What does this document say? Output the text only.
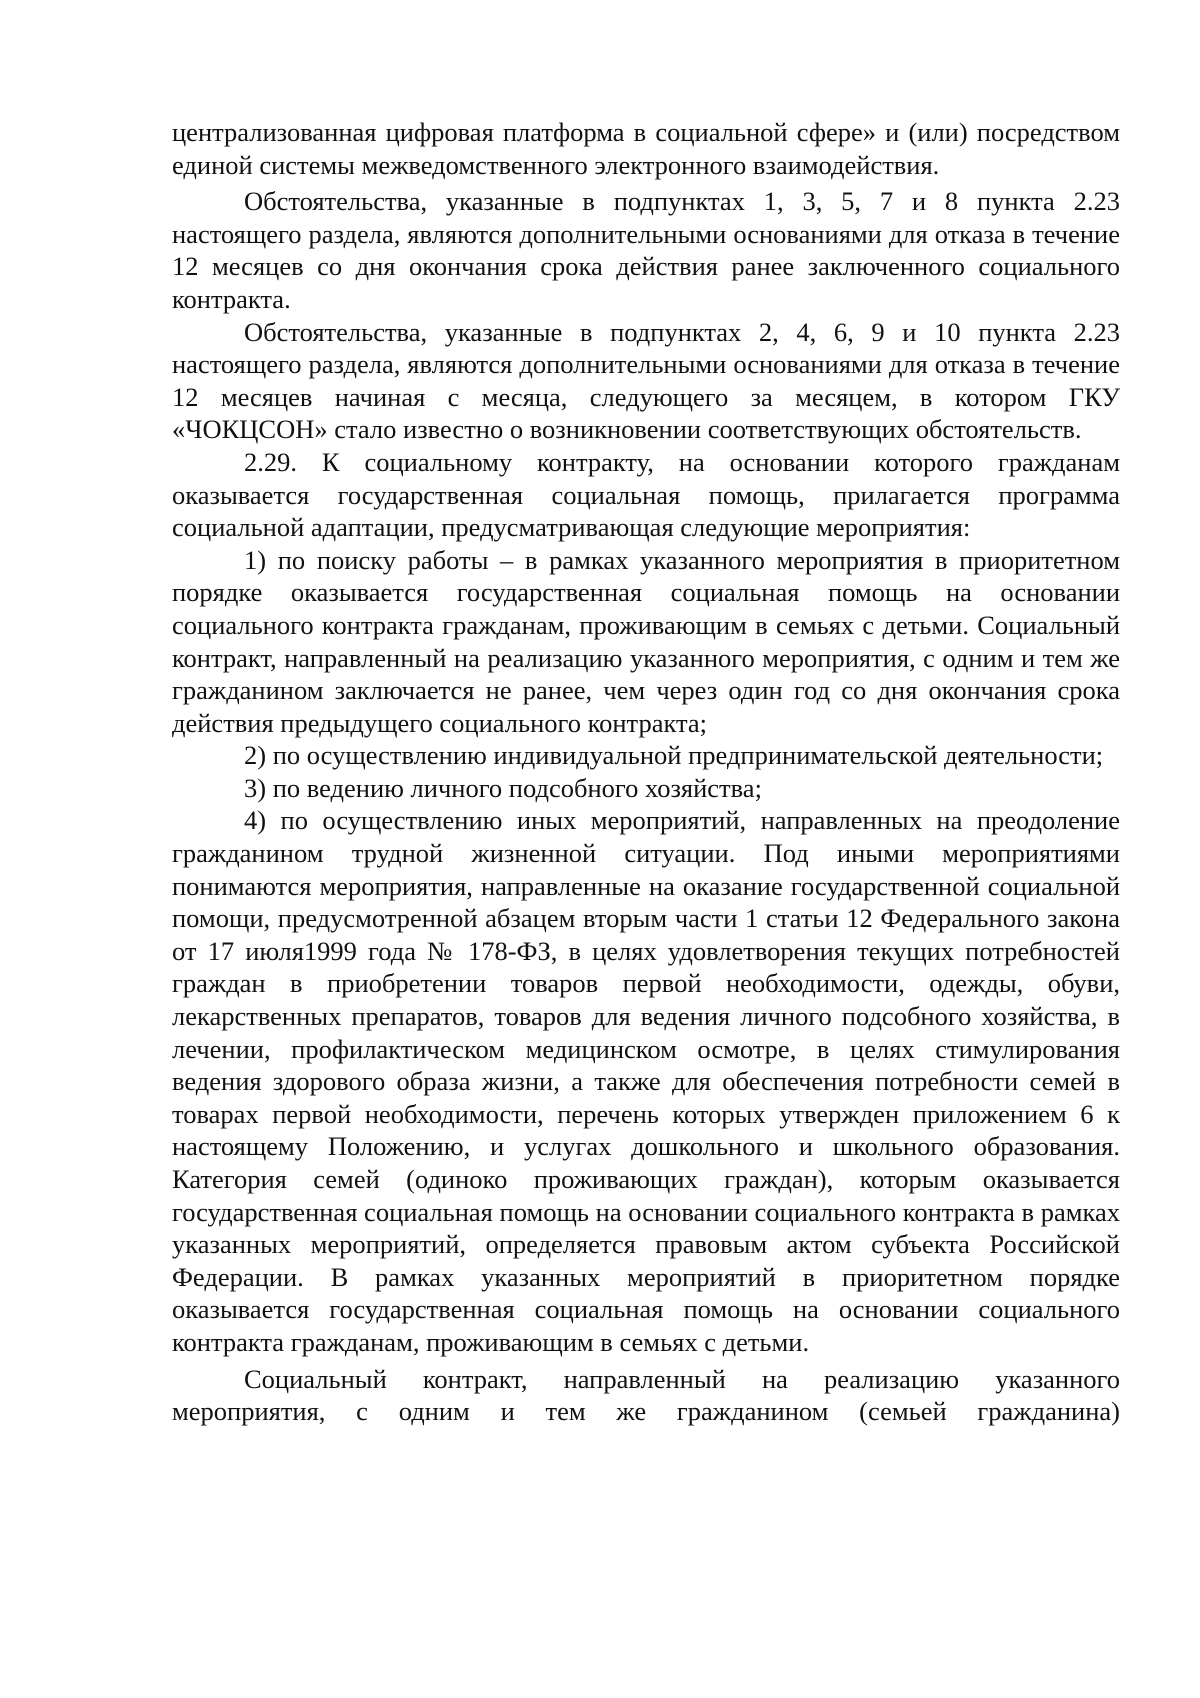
централизованная цифровая платформа в социальной сфере» и (или) посредством единой системы межведомственного электронного взаимодействия.

Обстоятельства, указанные в подпунктах 1, 3, 5, 7 и 8 пункта 2.23 настоящего раздела, являются дополнительными основаниями для отказа в течение 12 месяцев со дня окончания срока действия ранее заключенного социального контракта.

Обстоятельства, указанные в подпунктах 2, 4, 6, 9 и 10 пункта 2.23 настоящего раздела, являются дополнительными основаниями для отказа в течение 12 месяцев начиная с месяца, следующего за месяцем, в котором ГКУ «ЧОКЦСОН» стало известно о возникновении соответствующих обстоятельств.

2.29. К социальному контракту, на основании которого гражданам оказывается государственная социальная помощь, прилагается программа социальной адаптации, предусматривающая следующие мероприятия:

1) по поиску работы – в рамках указанного мероприятия в приоритетном порядке оказывается государственная социальная помощь на основании социального контракта гражданам, проживающим в семьях с детьми. Социальный контракт, направленный на реализацию указанного мероприятия, с одним и тем же гражданином заключается не ранее, чем через один год со дня окончания срока действия предыдущего социального контракта;

2) по осуществлению индивидуальной предпринимательской деятельности;

3) по ведению личного подсобного хозяйства;

4) по осуществлению иных мероприятий, направленных на преодоление гражданином трудной жизненной ситуации. Под иными мероприятиями понимаются мероприятия, направленные на оказание государственной социальной помощи, предусмотренной абзацем вторым части 1 статьи 12 Федерального закона от 17 июля1999 года № 178-ФЗ, в целях удовлетворения текущих потребностей граждан в приобретении товаров первой необходимости, одежды, обуви, лекарственных препаратов, товаров для ведения личного подсобного хозяйства, в лечении, профилактическом медицинском осмотре, в целях стимулирования ведения здорового образа жизни, а также для обеспечения потребности семей в товарах первой необходимости, перечень которых утвержден приложением 6 к настоящему Положению, и услугах дошкольного и школьного образования. Категория семей (одиноко проживающих граждан), которым оказывается государственная социальная помощь на основании социального контракта в рамках указанных мероприятий, определяется правовым актом субъекта Российской Федерации. В рамках указанных мероприятий в приоритетном порядке оказывается государственная социальная помощь на основании социального контракта гражданам, проживающим в семьях с детьми.

Социальный контракт, направленный на реализацию указанного мероприятия, с одним и тем же гражданином (семьей гражданина)
